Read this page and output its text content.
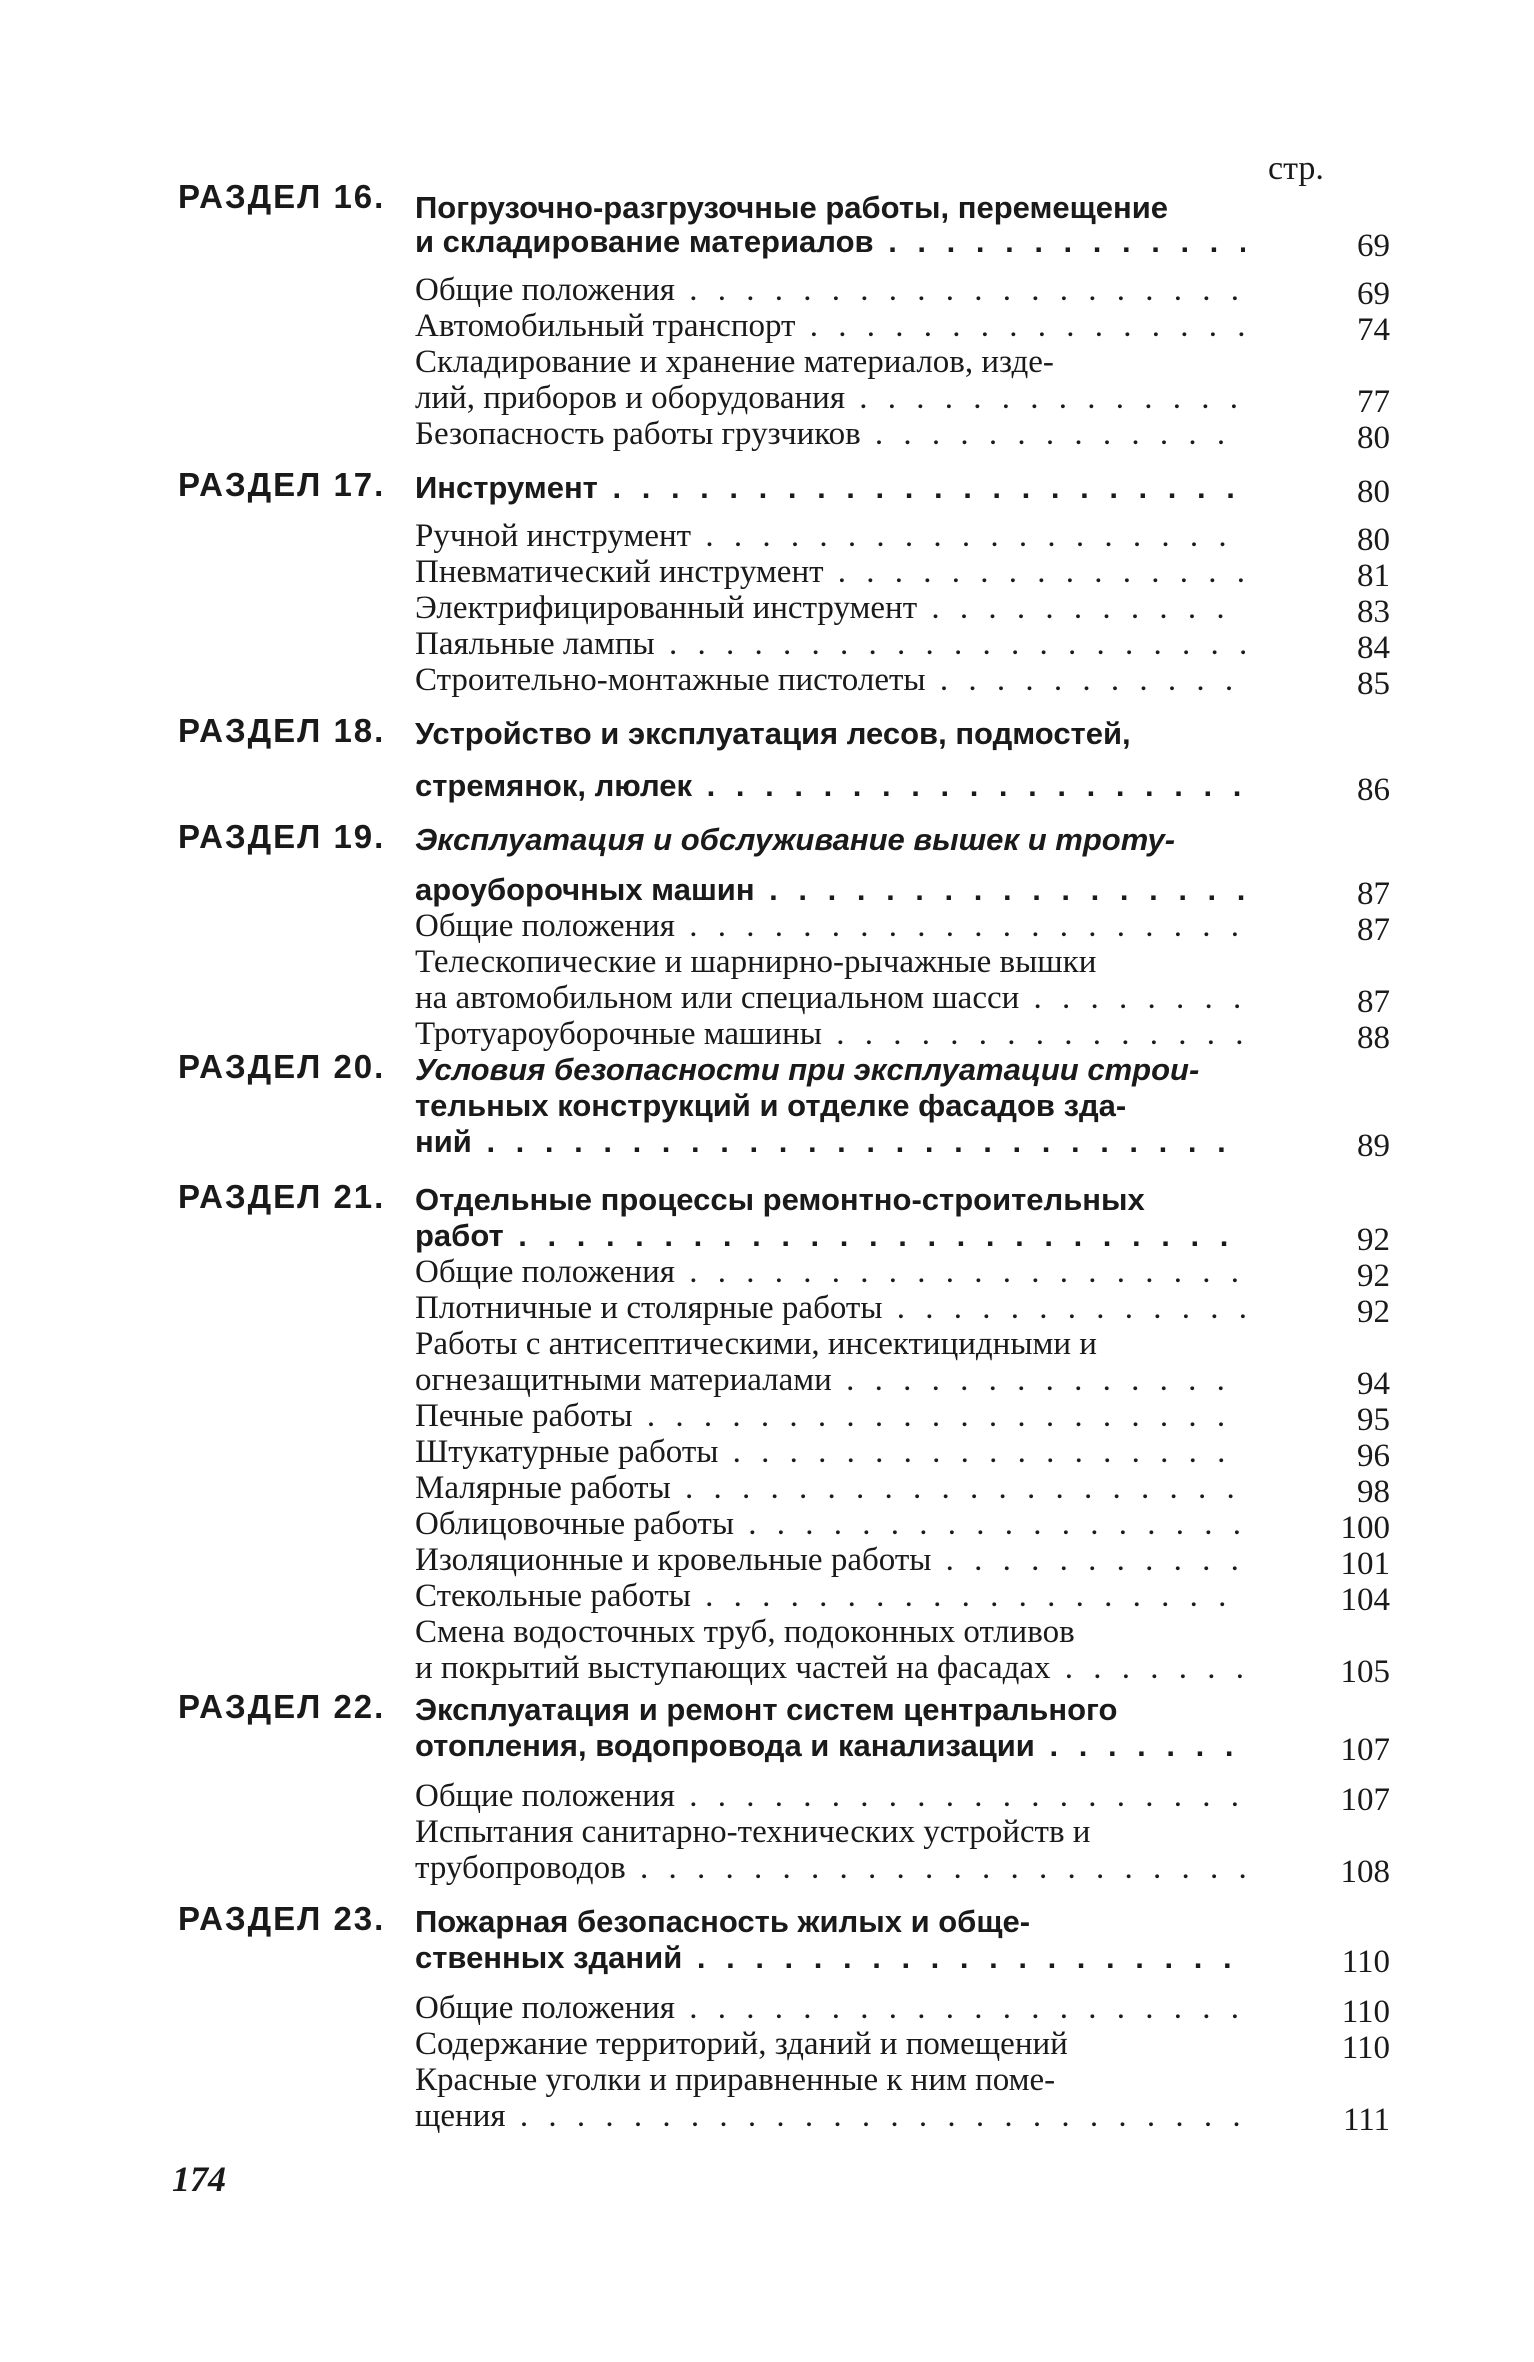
стр.
РАЗДЕЛ 16. Погрузочно-разгрузочные работы, перемещение
и складирование материалов . . .	69
Общие положения . . .	69
Автомобильный транспорт . . .	74
Складирование и хранение материалов, изде-
лий, приборов и оборудования . . .	77
Безопасность работы грузчиков . . .	80
РАЗДЕЛ 17. Инструмент . . .	80
Ручной инструмент . . .	80
Пневматический инструмент . . .	81
Электрифицированный инструмент . . .	83
Паяльные лампы . . .	84
Строительно-монтажные пистолеты . . .	85
РАЗДЕЛ 18. Устройство и эксплуатация лесов, подмостей,
стремянок, люлек . . .	86
РАЗДЕЛ 19. Эксплуатация и обслуживание вышек и троту-
ароуборочных машин . . .	87
Общие положения . . .	87
Телескопические и шарнирно-рычажные вышки
на автомобильном или специальном шасси . . .	87
Тротуароуборочные машины . . .	88
РАЗДЕЛ 20. Условия безопасности при эксплуатации строи-
тельных конструкций и отделке фасадов зда-
ний . . .	89
РАЗДЕЛ 21. Отдельные процессы ремонтно-строительных
работ . . .	92
Общие положения . . .	92
Плотничные и столярные работы . . .	92
Работы с антисептическими, инсектицидными и
огнезащитными материалами . . .	94
Печные работы . . .	95
Штукатурные работы . . .	96
Малярные работы . . .	98
Облицовочные работы . . .	100
Изоляционные и кровельные работы . . .	101
Стекольные работы . . .	104
Смена водосточных труб, подоконных отливов
и покрытий выступающих частей на фасадах . . .	105
РАЗДЕЛ 22. Эксплуатация и ремонт систем центрального
отопления, водопровода и канализации . . .	107
Общие положения . . .	107
Испытания санитарно-технических устройств и
трубопроводов . . .	108
РАЗДЕЛ 23. Пожарная безопасность жилых и обще-
ственных зданий . . .	110
Общие положения . . .	110
Содержание территорий, зданий и помещений	110
Красные уголки и приравненные к ним поме-
щения . . .	111
174
